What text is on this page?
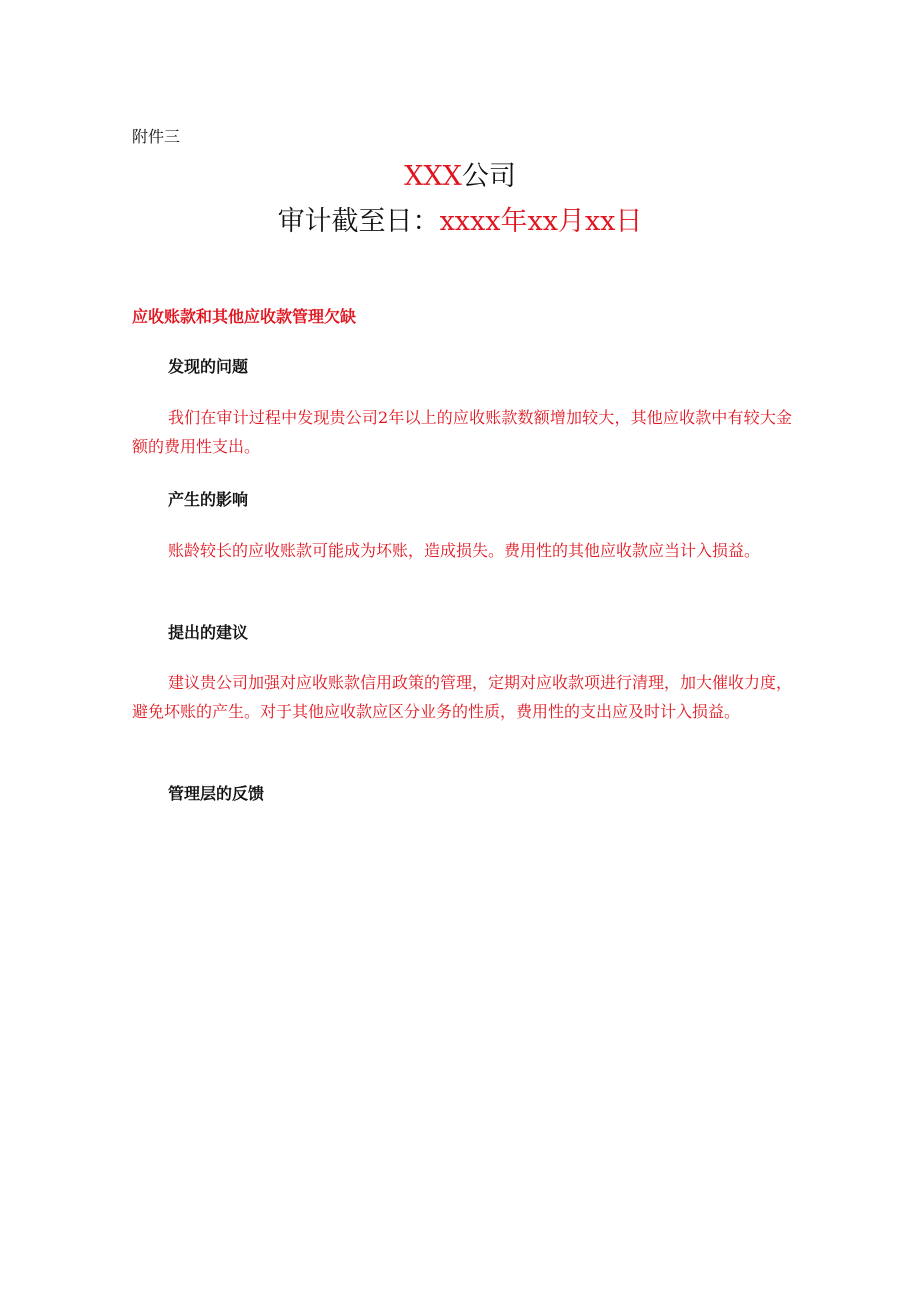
附件三
XXX公司
审计截至日：xxxx年xx月xx日
应收账款和其他应收款管理欠缺
发现的问题
我们在审计过程中发现贵公司2年以上的应收账款数额增加较大，其他应收款中有较大金额的费用性支出。
产生的影响
账龄较长的应收账款可能成为坏账，造成损失。费用性的其他应收款应当计入损益。
提出的建议
建议贵公司加强对应收账款信用政策的管理，定期对应收款项进行清理，加大催收力度，避免坏账的产生。对于其他应收款应区分业务的性质，费用性的支出应及时计入损益。
管理层的反馈
